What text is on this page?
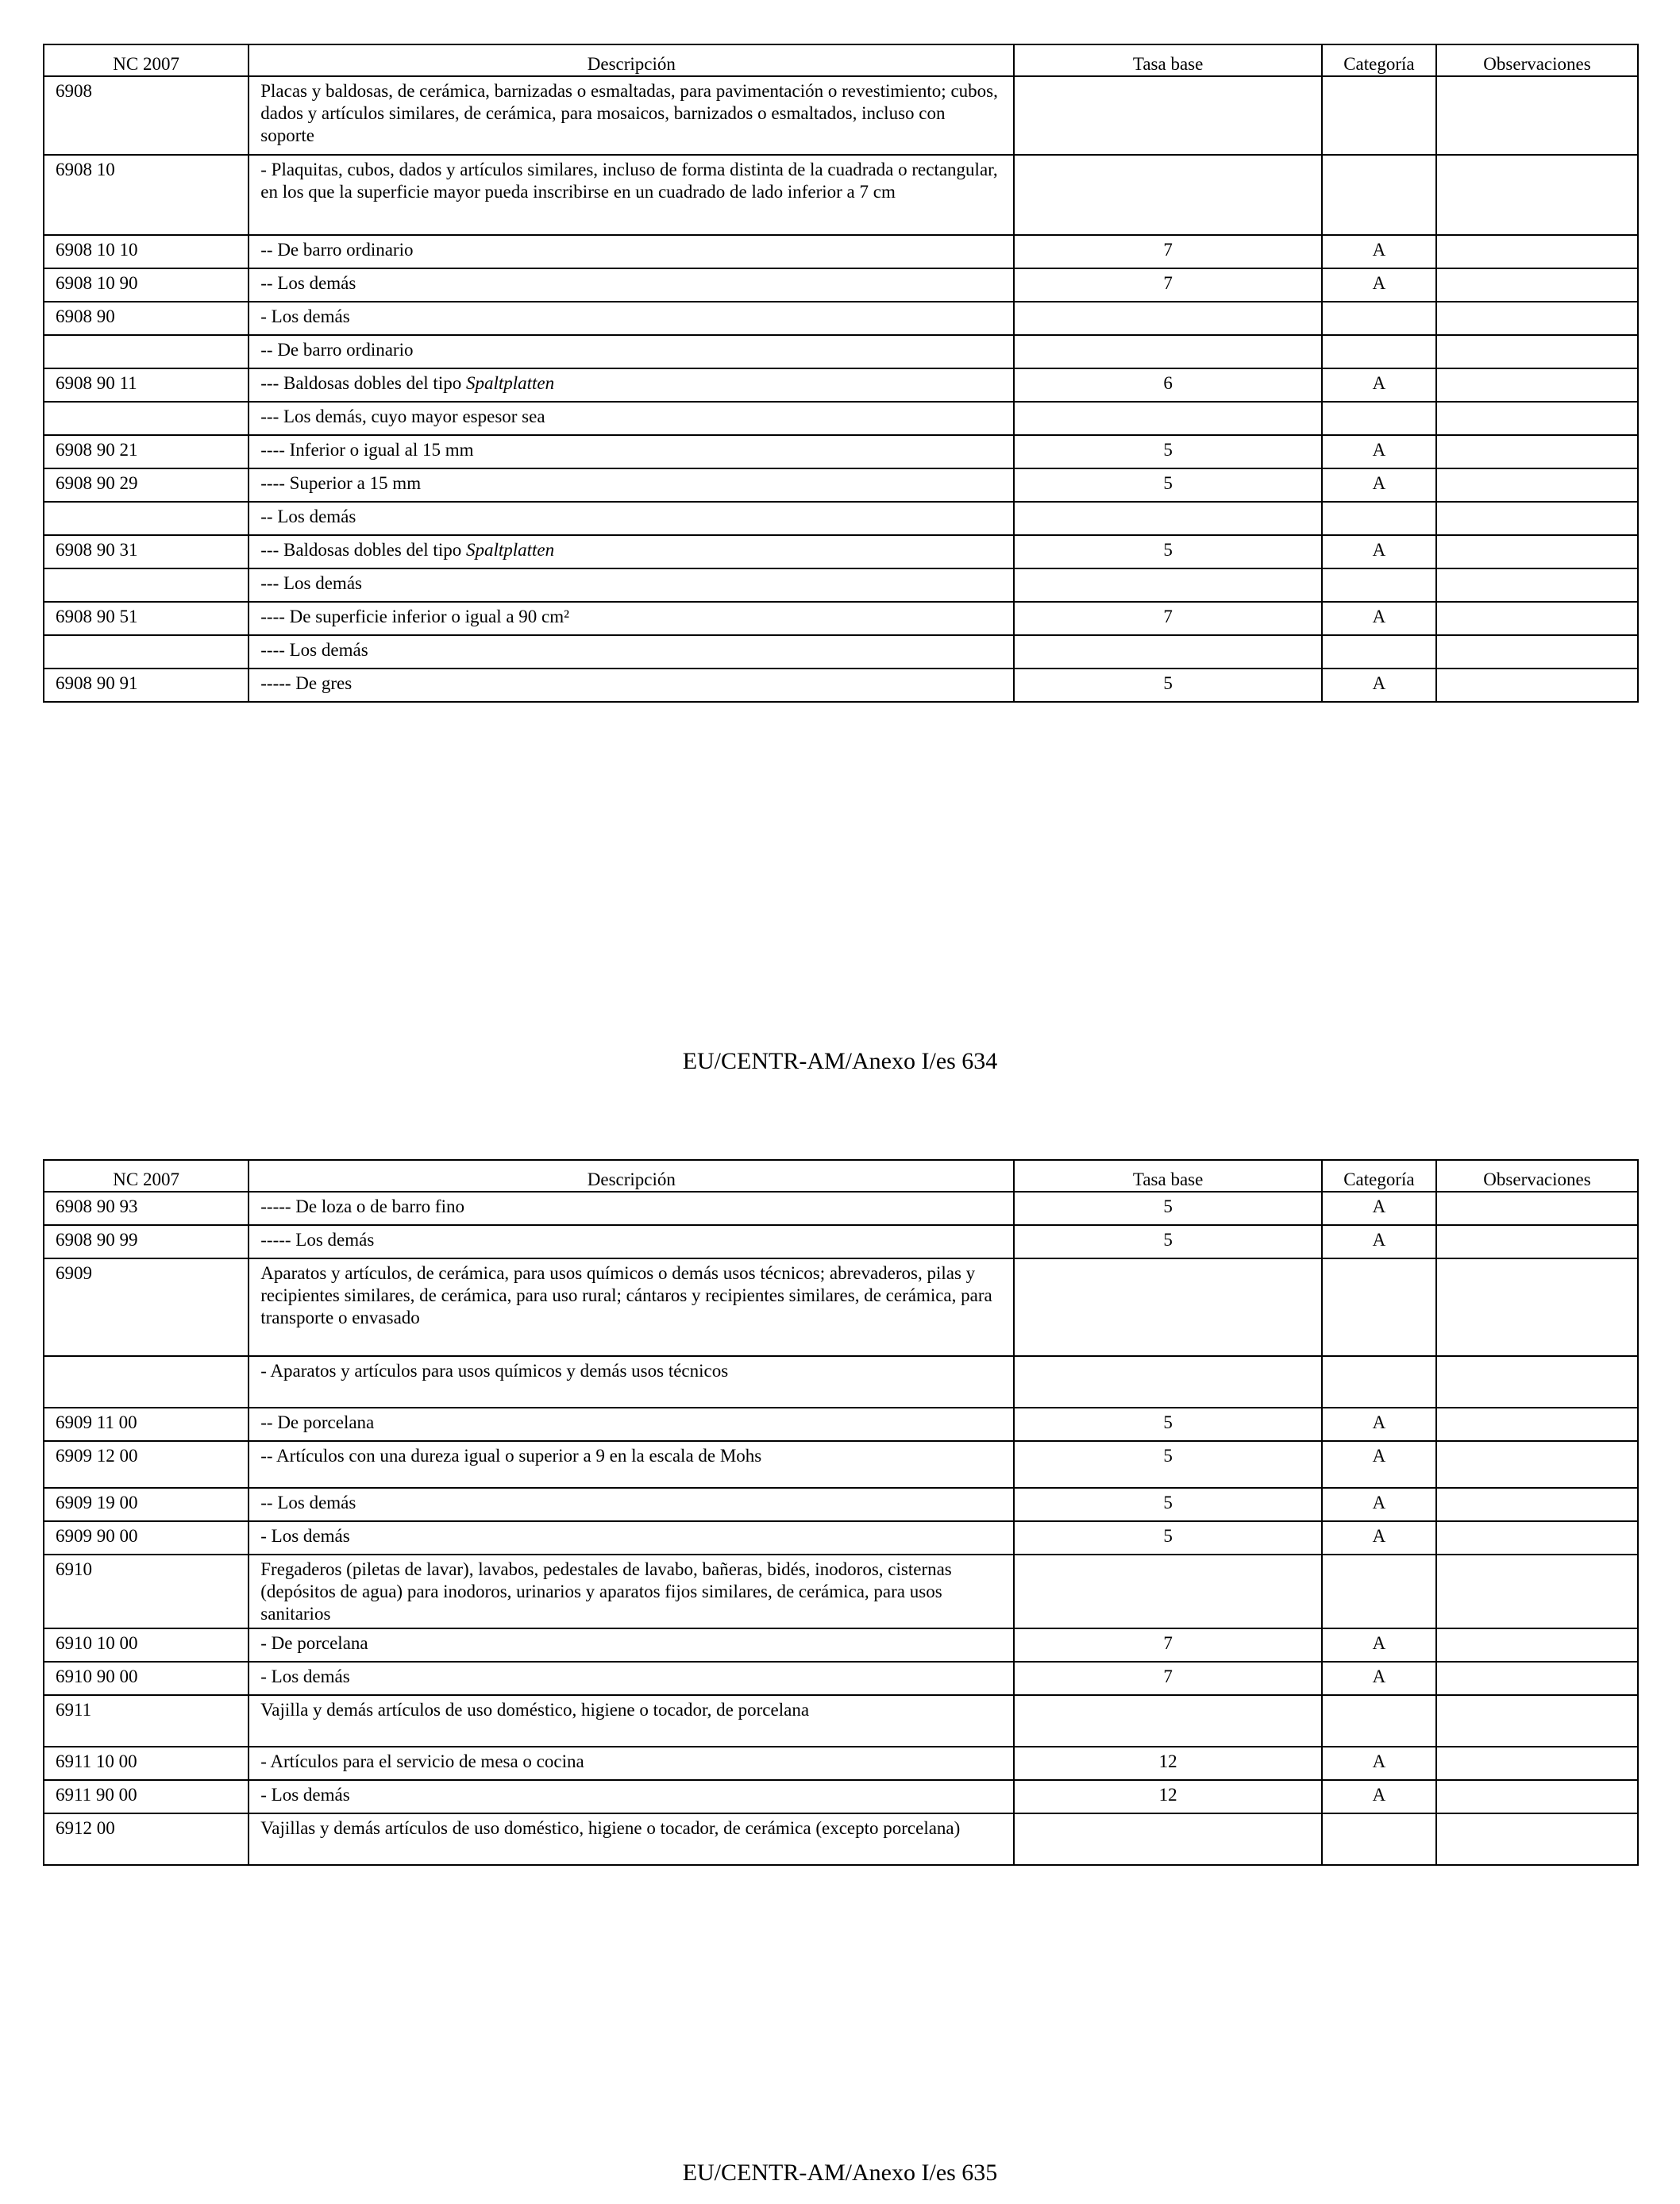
NC 2007	Descripción	Tasa base	Categoría	Observaciones
6908	Placas y baldosas, de cerámica, barnizadas o esmaltadas, para pavimentación o revestimiento; cubos, dados y artículos similares, de cerámica, para mosaicos, barnizados o esmaltados, incluso con soporte			
6908 10	- Plaquitas, cubos, dados y artículos similares, incluso de forma distinta de la cuadrada o rectangular, en los que la superficie mayor pueda inscribirse en un cuadrado de lado inferior a 7 cm			
6908 10 10	-- De barro ordinario	7	A	
6908 10 90	-- Los demás	7	A	
6908 90	- Los demás			
	-- De barro ordinario			
6908 90 11	--- Baldosas dobles del tipo Spaltplatten	6	A	
	--- Los demás, cuyo mayor espesor sea			
6908 90 21	---- Inferior o igual al 15 mm	5	A	
6908 90 29	---- Superior a 15 mm	5	A	
	-- Los demás			
6908 90 31	--- Baldosas dobles del tipo Spaltplatten	5	A	
	--- Los demás			
6908 90 51	---- De superficie inferior o igual a 90 cm²	7	A	
	---- Los demás			
6908 90 91	----- De gres	5	A	
EU/CENTR-AM/Anexo I/es 634
NC 2007	Descripción	Tasa base	Categoría	Observaciones
6908 90 93	----- De loza o de barro fino	5	A	
6908 90 99	----- Los demás	5	A	
6909	Aparatos y artículos, de cerámica, para usos químicos o demás usos técnicos; abrevaderos, pilas y recipientes similares, de cerámica, para uso rural; cántaros y recipientes similares, de cerámica, para transporte o envasado			
	- Aparatos y artículos para usos químicos y demás usos técnicos			
6909 11 00	-- De porcelana	5	A	
6909 12 00	-- Artículos con una dureza igual o superior a 9 en la escala de Mohs	5	A	
6909 19 00	-- Los demás	5	A	
6909 90 00	- Los demás	5	A	
6910	Fregaderos (piletas de lavar), lavabos, pedestales de lavabo, bañeras, bidés, inodoros, cisternas (depósitos de agua) para inodoros, urinarios y aparatos fijos similares, de cerámica, para usos sanitarios			
6910 10 00	- De porcelana	7	A	
6910 90 00	- Los demás	7	A	
6911	Vajilla y demás artículos de uso doméstico, higiene o tocador, de porcelana			
6911 10 00	- Artículos para el servicio de mesa o cocina	12	A	
6911 90 00	- Los demás	12	A	
6912 00	Vajillas y demás artículos de uso doméstico, higiene o tocador, de cerámica (excepto porcelana)			
EU/CENTR-AM/Anexo I/es 635
